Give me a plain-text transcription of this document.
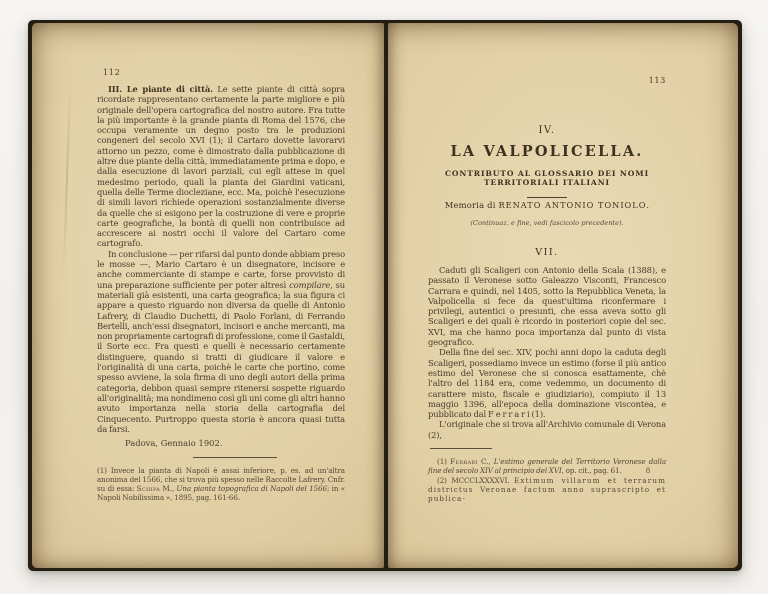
112

III. Le piante di città. Le sette piante di città sopra ricordate rappresentano certamente la parte migliore e più originale dell'opera cartografica del nostro autore. Fra tutte la più importante è la grande pianta di Roma del 1576, che occupa veramente un degno posto tra le produzioni congeneri del secolo XVI (1); il Cartaro dovette lavorarvi attorno un pezzo, come è dimostrato dalla pubblicazione di altre due piante della città, immediatamente prima e dopo, e dalla esecuzione di lavori parziali, cui egli attese in quel medesimo periodo, quali la pianta dei Giardini vaticani, quella delle Terme diocleziane, ecc. Ma, poichè l'esecuzione di simili lavori richiede operazioni sostanzialmente diverse da quelle che si esigono per la costruzione di vere e proprie carte geografiche, la bontà di quelli non contribuisce ad accrescere ai nostri occhi il valore del Cartaro come cartografo.

In conclusione — per rifarsi dal punto donde abbiam preso le mosse —, Mario Cartaro è un disegnatore, incisore e anche commerciante di stampe e carte, forse provvisto di una preparazione sufficiente per poter altresì compilare, su materiali già esistenti, una carta geografica; la sua figura ci appare a questo riguardo non diversa da quelle di Antonio Lafrery, di Claudio Duchetti, di Paolo Forlani, di Ferrando Bertelli, anch'essi disegnatori, incisori e anche mercanti, ma non propriamente cartografi di professione, come il Gastaldi, il Sorte ecc. Fra questi e quelli è necessario certamente distinguere, quando si tratti di giudicare il valore e l'originalità di una carta, poichè le carte che portino, come spesso avviene, la sola firma di uno degli autori della prima categoria, debbon quasi sempre ritenersi sospette riguardo all'originalità; ma nondimeno così gli uni come gli altri hanno avuto importanza nella storia della cartografia del Cinquecento. Purtroppo questa storia è ancora quasi tutta da farsi.

Padova, Gennaio 1902.

(1) Invece la pianta di Napoli è assai inferiore, p. es. ad un'altra anonima del 1566, che si trova più spesso nelle Raccolte Lafrery. Cnfr. su di essa: Schipa M., Una pianta topografica di Napoli del 1566; in « Napoli Nobilissima », 1895, pag. 161-66.

113
IV.
LA VALPOLICELLA.
CONTRIBUTO AL GLOSSARIO DEI NOMI TERRITORIALI ITALIANI
Memoria di RENATO ANTONIO TONIOLO.
(Continuaz. e fine, vedi fascicolo precedente).
VII.

Caduti gli Scaligeri con Antonio della Scala (1388), e passato il Veronese sotto Galeazzo Visconti, Francesco Carrara e quindi, nel 1405, sotto la Repubblica Veneta, la Valpolicella si fece da quest'ultima riconfermare i privilegi, autentici o presunti, che essa aveva sotto gli Scaligeri e dei quali è ricordo in posteriori copie del sec. XVI, ma che hanno poca importanza dal punto di vista geografico.

Della fine del sec. XIV, pochi anni dopo la caduta degli Scaligeri, possediamo invece un estimo (forse il più antico estimo del Veronese che si conosca esattamente, chè l'altro del 1184 era, come vedemmo, un documento di carattere misto, fiscale e giudiziario), compiuto il 13 maggio 1396, all'epoca della dominazione viscontea, e pubblicato dal F e r r a r i (1).

L'originale che si trova all'Archivio comunale di Verona (2),

(1) Ferrari C., L'estimo generale del Territorio Veronese dalla fine del secolo XIV al principio del XVI, op. cit., pag. 61.

(2) MCCCLXXXXVI. Extimum villarum et terrarum districtus Veronae factum anno suprascripto et publica-

8
